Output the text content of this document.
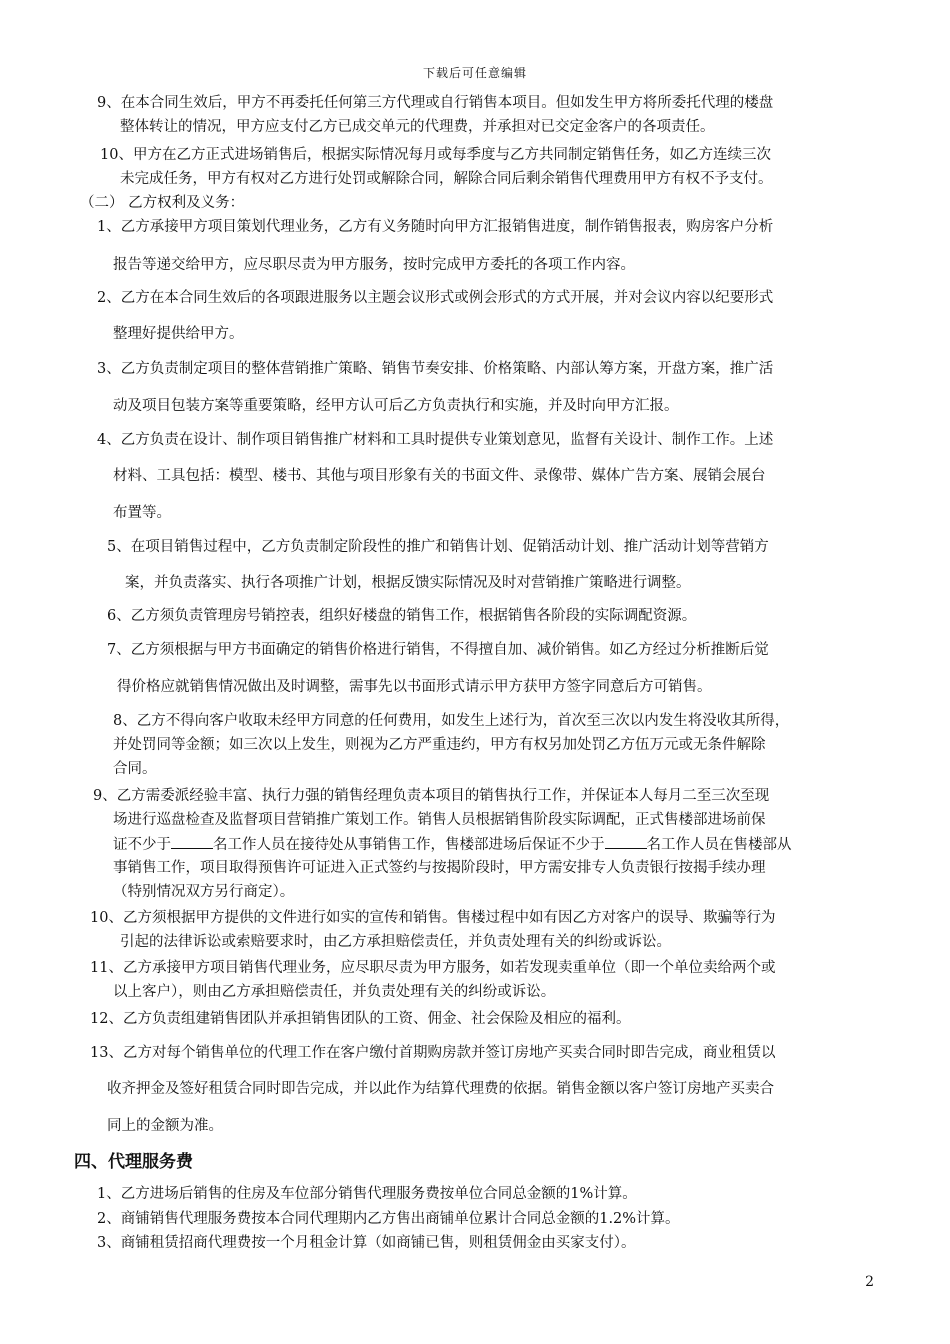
下载后可任意编辑
9、在本合同生效后，甲方不再委托任何第三方代理或自行销售本项目。但如发生甲方将所委托代理的楼盘
整体转让的情况，甲方应支付乙方已成交单元的代理费，并承担对已交定金客户的各项责任。
10、甲方在乙方正式进场销售后，根据实际情况每月或每季度与乙方共同制定销售任务，如乙方连续三次
未完成任务，甲方有权对乙方进行处罚或解除合同，解除合同后剩余销售代理费用甲方有权不予支付。
（二） 乙方权利及义务：
1、乙方承接甲方项目策划代理业务，乙方有义务随时向甲方汇报销售进度，制作销售报表，购房客户分析
报告等递交给甲方，应尽职尽责为甲方服务，按时完成甲方委托的各项工作内容。
2、乙方在本合同生效后的各项跟进服务以主题会议形式或例会形式的方式开展，并对会议内容以纪要形式
整理好提供给甲方。
3、乙方负责制定项目的整体营销推广策略、销售节奏安排、价格策略、内部认筹方案，开盘方案，推广活
动及项目包装方案等重要策略，经甲方认可后乙方负责执行和实施，并及时向甲方汇报。
4、乙方负责在设计、制作项目销售推广材料和工具时提供专业策划意见，监督有关设计、制作工作。上述
材料、工具包括：模型、楼书、其他与项目形象有关的书面文件、录像带、媒体广告方案、展销会展台
布置等。
5、在项目销售过程中，乙方负责制定阶段性的推广和销售计划、促销活动计划、推广活动计划等营销方
案，并负责落实、执行各项推广计划，根据反馈实际情况及时对营销推广策略进行调整。
6、乙方须负责管理房号销控表，组织好楼盘的销售工作，根据销售各阶段的实际调配资源。
7、乙方须根据与甲方书面确定的销售价格进行销售，不得擅自加、减价销售。如乙方经过分析推断后觉
得价格应就销售情况做出及时调整，需事先以书面形式请示甲方获甲方签字同意后方可销售。
8、乙方不得向客户收取未经甲方同意的任何费用，如发生上述行为，首次至三次以内发生将没收其所得，
并处罚同等金额；如三次以上发生，则视为乙方严重违约，甲方有权另加处罚乙方伍万元或无条件解除
合同。
9、乙方需委派经验丰富、执行力强的销售经理负责本项目的销售执行工作，并保证本人每月二至三次至现
场进行巡盘检查及监督项目营销推广策划工作。销售人员根据销售阶段实际调配，正式售楼部进场前保
证不少于	名工作人员在接待处从事销售工作，售楼部进场后保证不少于	名工作人员在售楼部从
事销售工作，项目取得预售许可证进入正式签约与按揭阶段时，甲方需安排专人负责银行按揭手续办理
（特别情况双方另行商定）。
10、乙方须根据甲方提供的文件进行如实的宣传和销售。售楼过程中如有因乙方对客户的误导、欺骗等行为
引起的法律诉讼或索赔要求时，由乙方承担赔偿责任，并负责处理有关的纠纷或诉讼。
11、乙方承接甲方项目销售代理业务，应尽职尽责为甲方服务，如若发现卖重单位（即一个单位卖给两个或
以上客户），则由乙方承担赔偿责任，并负责处理有关的纠纷或诉讼。
12、乙方负责组建销售团队并承担销售团队的工资、佣金、社会保险及相应的福利。
13、乙方对每个销售单位的代理工作在客户缴付首期购房款并签订房地产买卖合同时即告完成，商业租赁以
收齐押金及签好租赁合同时即告完成，并以此作为结算代理费的依据。销售金额以客户签订房地产买卖合
同上的金额为准。
四、代理服务费
1、乙方进场后销售的住房及车位部分销售代理服务费按单位合同总金额的1%计算。
2、商铺销售代理服务费按本合同代理期内乙方售出商铺单位累计合同总金额的1.2%计算。
3、商铺租赁招商代理费按一个月租金计算（如商铺已售，则租赁佣金由买家支付）。
2
